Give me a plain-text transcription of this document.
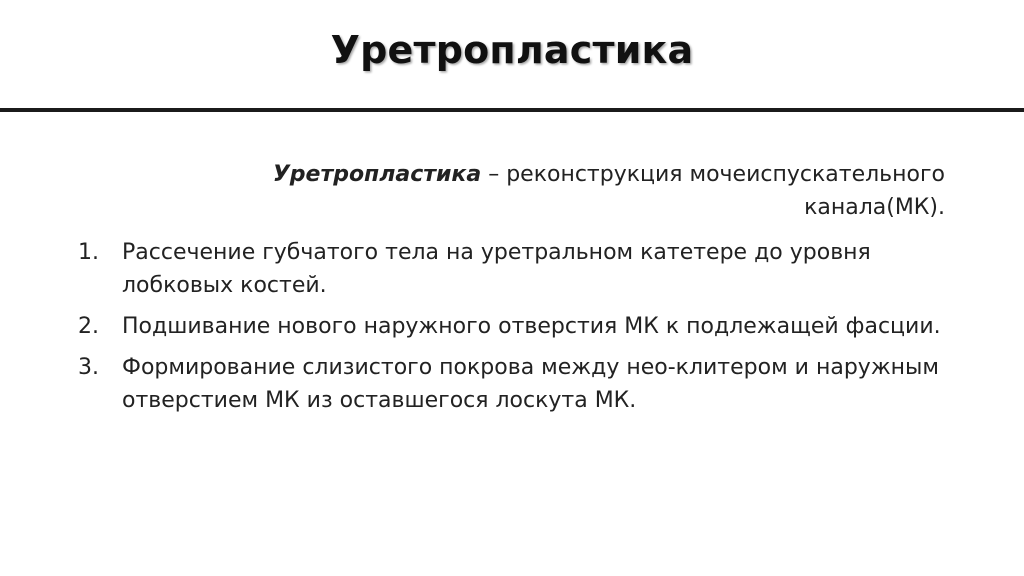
Уретропластика
Уретропластика – реконструкция мочеиспускательного
канала(МК).
1.	Рассечение губчатого тела на уретральном катетере до уровня лобковых костей.
2.	Подшивание нового наружного отверстия МК к подлежащей фасции.
3.	Формирование слизистого покрова между нео-клитером и наружным отверстием МК из оставшегося лоскута МК.
